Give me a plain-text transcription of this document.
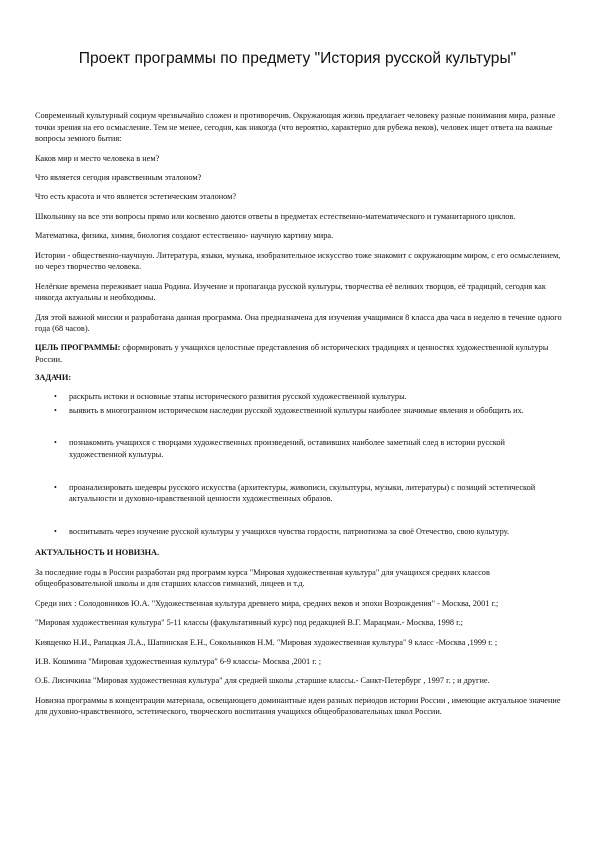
Проект программы по предмету "История русской культуры"

Современный культурный социум чрезвычайно сложен и противоречив. Окружающая жизнь предлагает человеку разные понимания мира, разные точки зрения на его осмысление. Тем не менее, сегодня, как никогда (что вероятно, характерно для рубежа веков), человек ищет ответа на важные вопросы земного бытия:

Каков мир и место человека в нем?

Что является сегодня нравственным эталоном?

Что есть красота и что является эстетическим эталоном?

Школьнику на все эти вопросы прямо или косвенно даются ответы в предметах естественно-математического и гуманитарного циклов.

Математика, физика, химия, биология создают естественно- научную картину мира.

Истории - общественно-научную. Литература, языки, музыка, изобразительное искусство тоже знакомит с окружающим миром, с его осмыслением, но через творчество человека.

Нелёгкие времена переживает наша Родина. Изучение и пропаганда русской культуры, творчества её великих творцов, её традиций, сегодня как никогда актуальны и необходимы.

Для этой важной миссии и разработана данная программа. Она предназначена для изучения учащимися 8 класса два часа в неделю в течение одного года (68 часов).

ЦЕЛЬ ПРОГРАММЫ: сформировать у учащихся целостные представления об исторических традициях и ценностях художественной культуры России.

ЗАДАЧИ:

• раскрыть истоки и основные этапы исторического развития русской художественной культуры.
• выявить в многогранном историческом наследии русской художественной культуры наиболее значимые явления и обобщить их.
• познакомить учащихся с творцами художественных произведений, оставивших наиболее заметный след в истории русской художественной культуры.
• проанализировать шедевры русского искусства (архитектуры, живописи, скульптуры, музыки, литературы) с позиций эстетической актуальности и духовно-нравственной ценности художественных образов.
• воспитывать через изучение русской культуры у учащихся чувства гордости, патриотизма за своё Отечество, свою культуру.

АКТУАЛЬНОСТЬ И НОВИЗНА.

За последние годы в России разработан ряд программ курса "Мировая художественная культура" для учащихся средних классов общеобразовательной школы и для старших классов гимназий, лицеев и т.д.

Среди них : Солодовников Ю.А. "Художественная культура древнего мира, средних веков и эпохи Возрождения" - Москва, 2001 г.;

"Мировая художественная культура" 5-11 классы (факультативный курс) под редакцией В.Г. Марацман.- Москва, 1998 г.;

Киященко Н.И., Рапацкая Л.А., Шапинская Е.Н., Сокольников Н.М. "Мировая художественная культура" 9 класс -Москва ,1999 г. ;

И.В. Кошмина "Мировая художественная культура" 6-9 классы- Москва ,2001 г. ;

О.Б. Лисичкина "Мировая художественная культура" для средней школы ,старшие классы.- Санкт-Петербург , 1997 г. ; и другие.

Новизна программы в концентрации материала, освещающего доминантные идеи разных периодов истории России , имеющие актуальное значение для духовно-нравственного, эстетического, творческого воспитания учащихся общеобразовательных школ России.
